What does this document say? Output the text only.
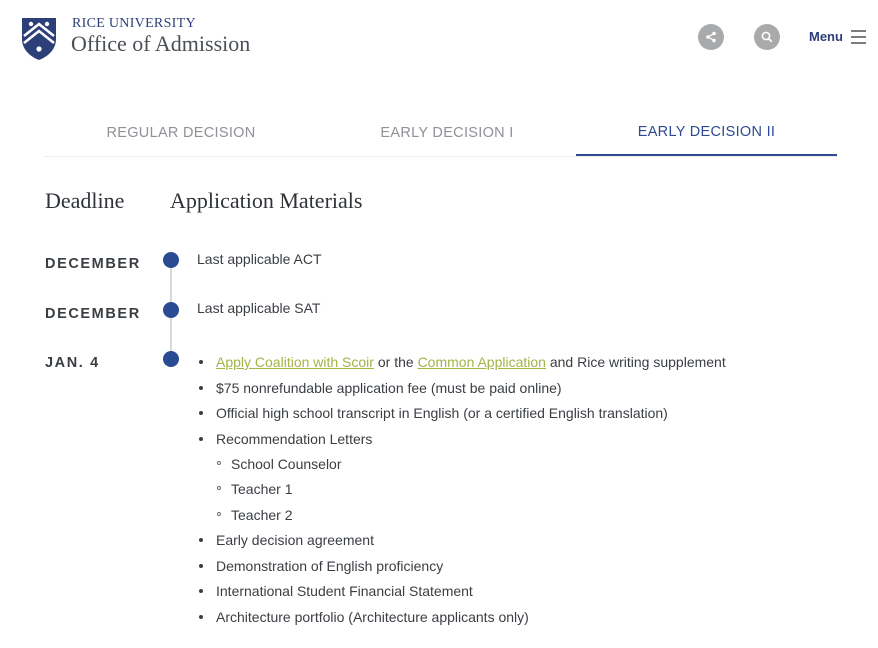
RICE UNIVERSITY
Office of Admission	Menu
REGULAR DECISION	EARLY DECISION I	EARLY DECISION II
Deadline Application Materials
DECEMBER	Last applicable ACT
DECEMBER	Last applicable SAT
JAN. 4	Apply Coalition with Scoir or the Common Application and Rice writing supplement
$75 nonrefundable application fee (must be paid online)
Official high school transcript in English (or a certified English translation)
Recommendation Letters
School Counselor
Teacher 1
Teacher 2
Early decision agreement
Demonstration of English proficiency
International Student Financial Statement
Architecture portfolio (Architecture applicants only)
